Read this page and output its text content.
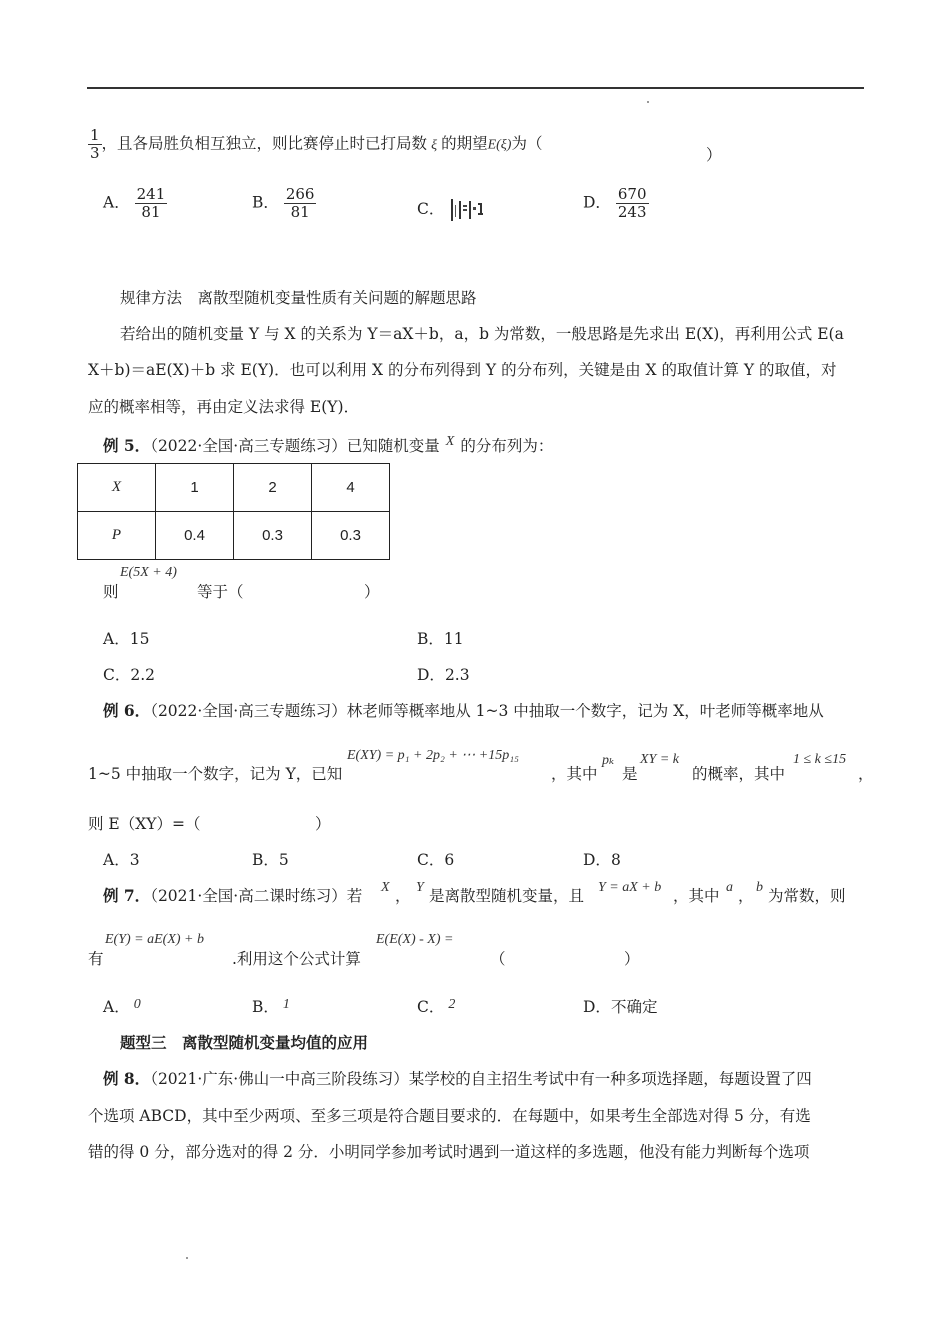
$\frac{1}{3}$ ，且各局胜负相互独立，则比赛停止时已打局数 ξ 的期望E(ξ)为（
）
A． $\frac{241}{81}$	B． $\frac{266}{81}$	C．	D． $\frac{670}{243}$
规律方法　离散型随机变量性质有关问题的解题思路
若给出的随机变量 Y 与 X 的关系为 Y＝aX＋b，a，b 为常数，一般思路是先求出 E(X)，再利用公式 E(a
X＋b)＝aE(X)＋b 求 E(Y)．也可以利用 X 的分布列得到 Y 的分布列，关键是由 X 的取值计算 Y 的取值，对
应的概率相等，再由定义法求得 E(Y)．
例 5．（2022·全国·高三专题练习）已知随机变量 X 的分布列为：
X	1	2	4
P	0.4	0.3	0.3
则
E(5X + 4)
等于（	）
A．15	B．11
C．2.2	D．2.3
例 6．（2022·全国·高三专题练习）林老师等概率地从 1~3 中抽取一个数字，记为 X，叶老师等概率地从
1~5 中抽取一个数字，记为 Y，已知
E(XY) = p₁ + 2p₂ + ⋯ +15p₁₅
，其中
pₖ
是
XY = k
的概率，其中
1 ≤ k ≤15
，
则 E（XY）=（	）
A．3	B．5	C．6	D．8
例 7．（2021·全国·高二课时练习）若 X ， Y 是离散型随机变量，且 Y = aX + b ，其中 a ， b 为常数，则
有
E(Y) = aE(X) + b
.利用这个公式计算
E(E(X) - X) =
（	）
A． 0	B． 1	C． 2	D．不确定
题型三　离散型随机变量均值的应用
例 8．（2021·广东·佛山一中高三阶段练习）某学校的自主招生考试中有一种多项选择题，每题设置了四
个选项 ABCD，其中至少两项、至多三项是符合题目要求的．在每题中，如果考生全部选对得 5 分，有选
错的得 0 分，部分选对的得 2 分．小明同学参加考试时遇到一道这样的多选题，他没有能力判断每个选项
